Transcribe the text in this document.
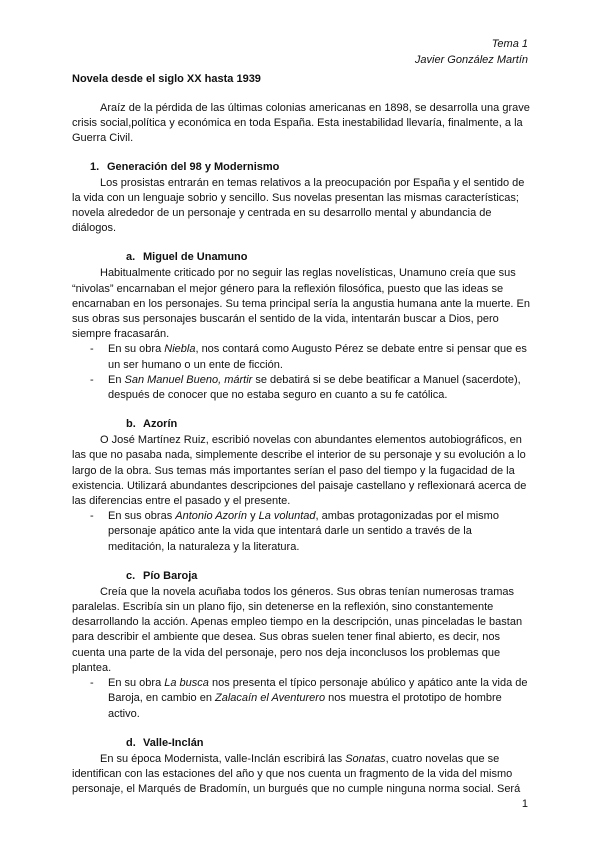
Tema 1
Javier González Martín
Novela desde el siglo XX hasta 1939

Araíz de la pérdida de las últimas colonias americanas en 1898, se desarrolla una grave crisis social,política y económica en toda España. Esta inestabilidad llevaría, finalmente, a la Guerra Civil.

1. Generación del 98 y Modernismo

Los prosistas entrarán en temas relativos a la preocupación por España y el sentido de la vida con un lenguaje sobrio y sencillo. Sus novelas presentan las mismas características; novela alrededor de un personaje y centrada en su desarrollo mental y abundancia de diálogos.

a. Miguel de Unamuno

Habitualmente criticado por no seguir las reglas novelísticas, Unamuno creía que sus “nivolas” encarnaban el mejor género para la reflexión filosófica, puesto que las ideas se encarnaban en los personajes. Su tema principal sería la angustia humana ante la muerte. En sus obras sus personajes buscarán el sentido de la vida, intentarán buscar a Dios, pero siempre fracasarán.

- En su obra Niebla, nos contará como Augusto Pérez se debate entre si pensar que es un ser humano o un ente de ficción.
- En San Manuel Bueno, mártir se debatirá si se debe beatificar a Manuel (sacerdote), después de conocer que no estaba seguro en cuanto a su fe católica.
b. Azorín

O José Martínez Ruiz, escribió novelas con abundantes elementos autobiográficos, en las que no pasaba nada, simplemente describe el interior de su personaje y su evolución a lo largo de la obra. Sus temas más importantes serían el paso del tiempo y la fugacidad de la existencia. Utilizará abundantes descripciones del paisaje castellano y reflexionará acerca de las diferencias entre el pasado y el presente.

- En sus obras Antonio Azorín y La voluntad, ambas protagonizadas por el mismo personaje apático ante la vida que intentará darle un sentido a través de la meditación, la naturaleza y la literatura.
c. Pío Baroja

Creía que la novela acuñaba todos los géneros. Sus obras tenían numerosas tramas paralelas. Escribía sin un plano fijo, sin detenerse en la reflexión, sino constantemente desarrollando la acción. Apenas empleo tiempo en la descripción, unas pinceladas le bastan para describir el ambiente que desea. Sus obras suelen tener final abierto, es decir, nos cuenta una parte de la vida del personaje, pero nos deja inconclusos los problemas que plantea.

- En su obra La busca nos presenta el típico personaje abúlico y apático ante la vida de Baroja, en cambio en Zalacaín el Aventurero nos muestra el prototipo de hombre activo.
d. Valle-Inclán

En su época Modernista, valle-Inclán escribirá las Sonatas, cuatro novelas que se identifican con las estaciones del año y que nos cuenta un fragmento de la vida del mismo personaje, el Marqués de Bradomín, un burgués que no cumple ninguna norma social. Será

1
